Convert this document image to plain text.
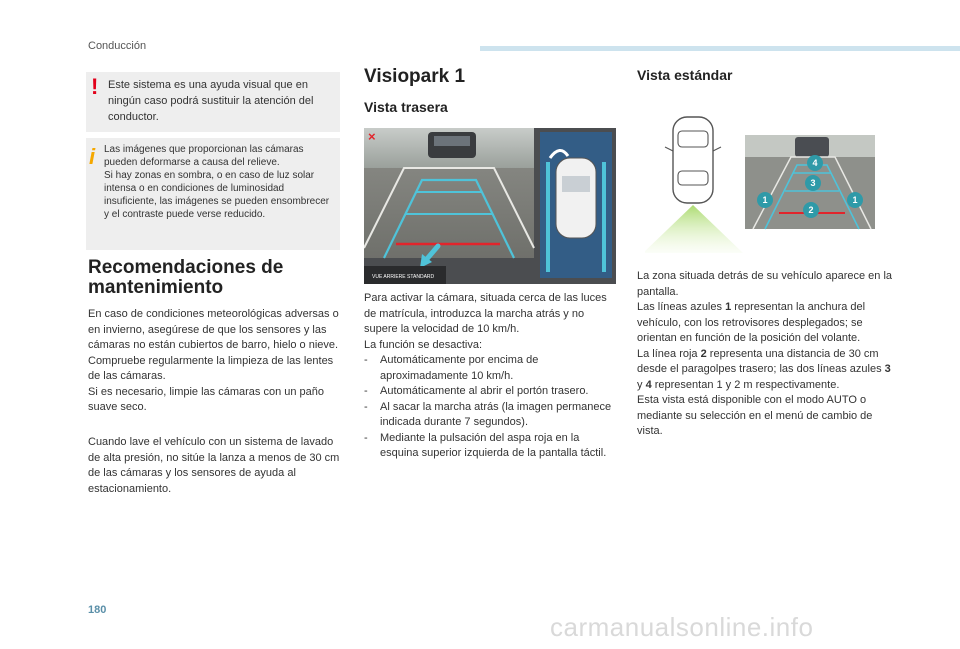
Conducción
180
carmanualsonline.info
Este sistema es una ayuda visual que en ningún caso podrá sustituir la atención del conductor.
!
Las imágenes que proporcionan las cámaras pueden deformarse a causa del relieve.
Si hay zonas en sombra, o en caso de luz solar intensa o en condiciones de luminosidad insuficiente, las imágenes se pueden ensombrecer y el contraste puede verse reducido.
i
Recomendaciones de mantenimiento

En caso de condiciones meteorológicas adversas o en invierno, asegúrese de que los sensores y las cámaras no están cubiertos de barro, hielo o nieve.

Compruebe regularmente la limpieza de las lentes de las cámaras.

Si es necesario, limpie las cámaras con un paño suave seco.

Cuando lave el vehículo con un sistema de lavado de alta presión, no sitúe la lanza a menos de 30 cm de las cámaras y los sensores de ayuda al estacionamiento.

Visiopark 1
Vista trasera
VUE ARRIERE STANDARD
×

Para activar la cámara, situada cerca de las luces de matrícula, introduzca la marcha atrás y no supere la velocidad de 10 km/h.

La función se desactiva:

- Automáticamente por encima de aproximadamente 10 km/h.
- Automáticamente al abrir el portón trasero.
- Al sacar la marcha atrás (la imagen permanece indicada durante 7 segundos).
- Mediante la pulsación del aspa roja en la esquina superior izquierda de la pantalla táctil.
Vista estándar
1	1
2
3
4

La zona situada detrás de su vehículo aparece en la pantalla.

Las líneas azules 1 representan la anchura del vehículo, con los retrovisores desplegados; se orientan en función de la posición del volante.

La línea roja 2 representa una distancia de 30 cm desde el paragolpes trasero; las dos líneas azules 3 y 4 representan 1 y 2 m respectivamente.

Esta vista está disponible con el modo AUTO o mediante su selección en el menú de cambio de vista.
